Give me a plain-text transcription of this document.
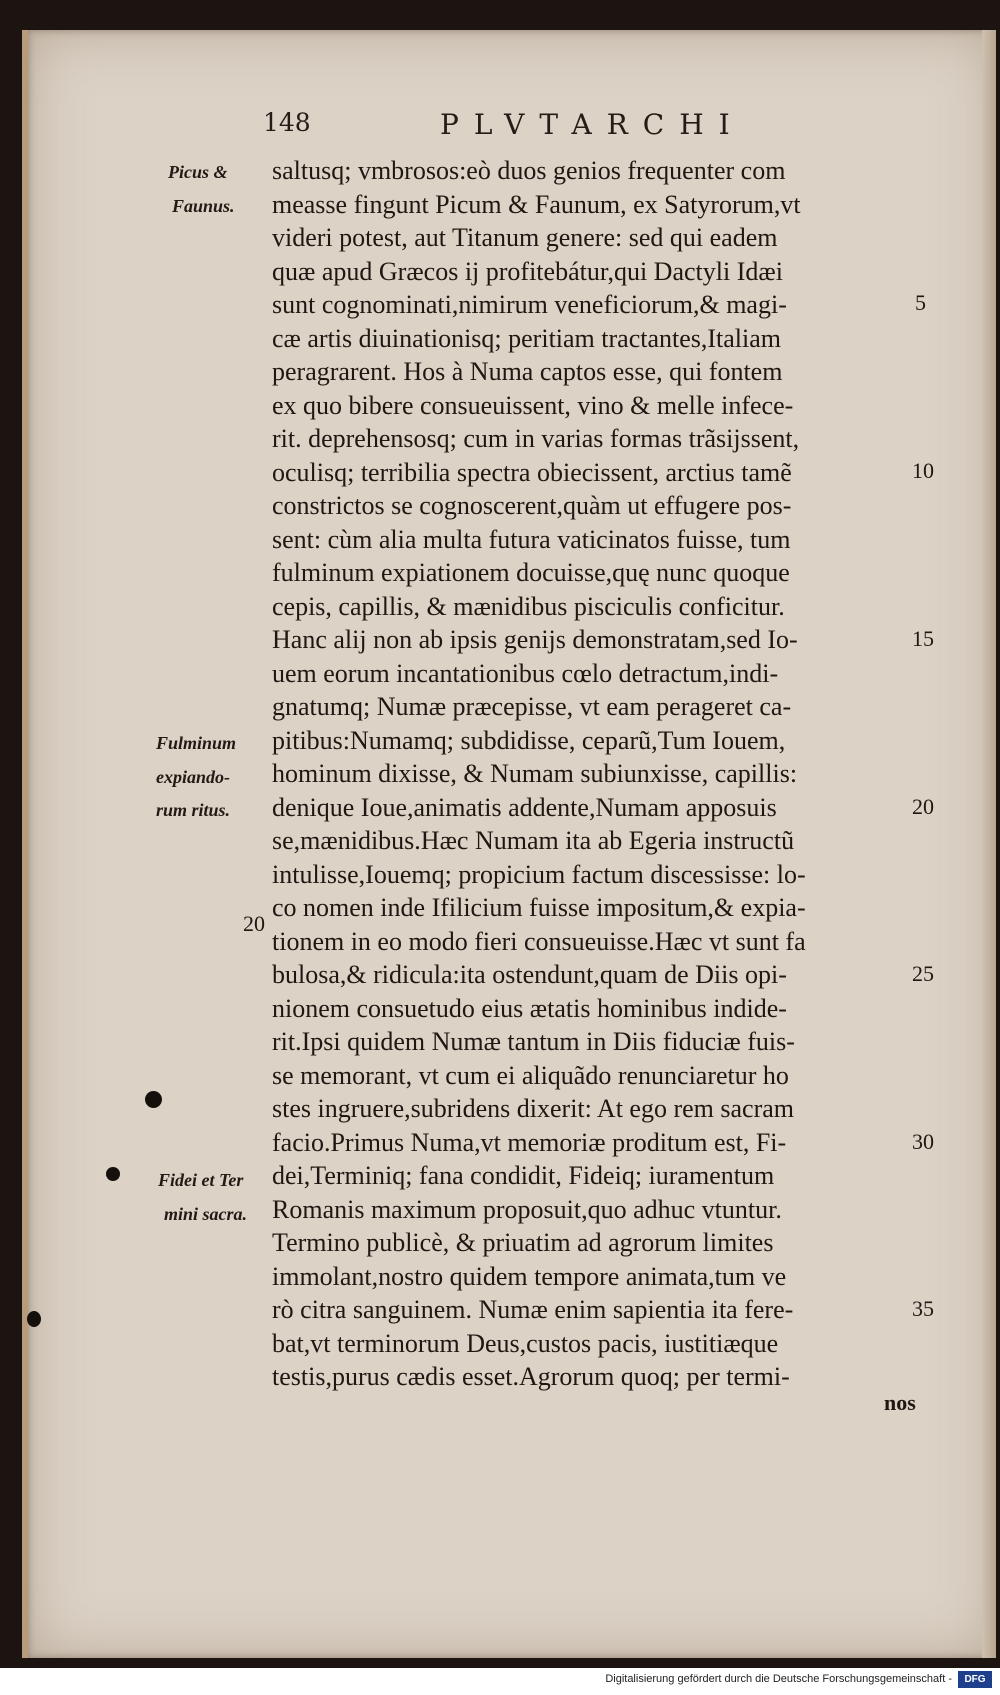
148	PLVTARCHI
saltusq; vmbrosos:eò duos genios frequenter com
measse fingunt Picum & Faunum, ex Satyrorum,vt
videri potest, aut Titanum genere: sed qui eadem
quæ apud Græcos ij profitebátur,qui Dactyli Idæi
sunt cognominati,nimirum veneficiorum,& magi-
cæ artis diuinationisq; peritiam tractantes,Italiam
peragrarent. Hos à Numa captos esse, qui fontem
ex quo bibere consueuissent, vino & melle infece-
rit. deprehensosq; cum in varias formas trãsijssent,
oculisq; terribilia spectra obiecissent, arctius tamẽ
constrictos se cognoscerent,quàm ut effugere pos-
sent: cùm alia multa futura vaticinatos fuisse, tum
fulminum expiationem docuisse,quę nunc quoque
cepis, capillis, & mænidibus pisciculis conficitur.
Hanc alij non ab ipsis genijs demonstratam,sed Io-
uem eorum incantationibus cœlo detractum,indi-
gnatumq; Numæ præcepisse, vt eam perageret ca-
pitibus:Numamq; subdidisse, ceparũ,Tum Iouem,
hominum dixisse, & Numam subiunxisse, capillis:
denique Ioue,animatis addente,Numam apposuis
se,mænidibus.Hæc Numam ita ab Egeria instructũ
intulisse,Iouemq; propicium factum discessisse: lo-
co nomen inde Ifilicium fuisse impositum,& expia-
tionem in eo modo fieri consueuisse.Hæc vt sunt fa
bulosa,& ridicula:ita ostendunt,quam de Diis opi-
nionem consuetudo eius ætatis hominibus indide-
rit.Ipsi quidem Numæ tantum in Diis fiduciæ fuis-
se memorant, vt cum ei aliquãdo renunciaretur ho
stes ingruere,subridens dixerit: At ego rem sacram
facio.Primus Numa,vt memoriæ proditum est, Fi-
dei,Terminiq; fana condidit, Fideiq; iuramentum
Romanis maximum proposuit,quo adhuc vtuntur.
Termino publicè, & priuatim ad agrorum limites
immolant,nostro quidem tempore animata,tum ve
rò citra sanguinem. Numæ enim sapientia ita fere-
bat,vt terminorum Deus,custos pacis, iustitiæque
testis,purus cædis esset.Agrorum quoq; per termi-
5
10
15
20
25
30
35
20
Picus &
Faunus.
Fulminum
expiando-
rum ritus.
Fidei et Ter
mini sacra.
nos
Digitalisierung gefördert durch die Deutsche Forschungsgemeinschaft -	DFG
